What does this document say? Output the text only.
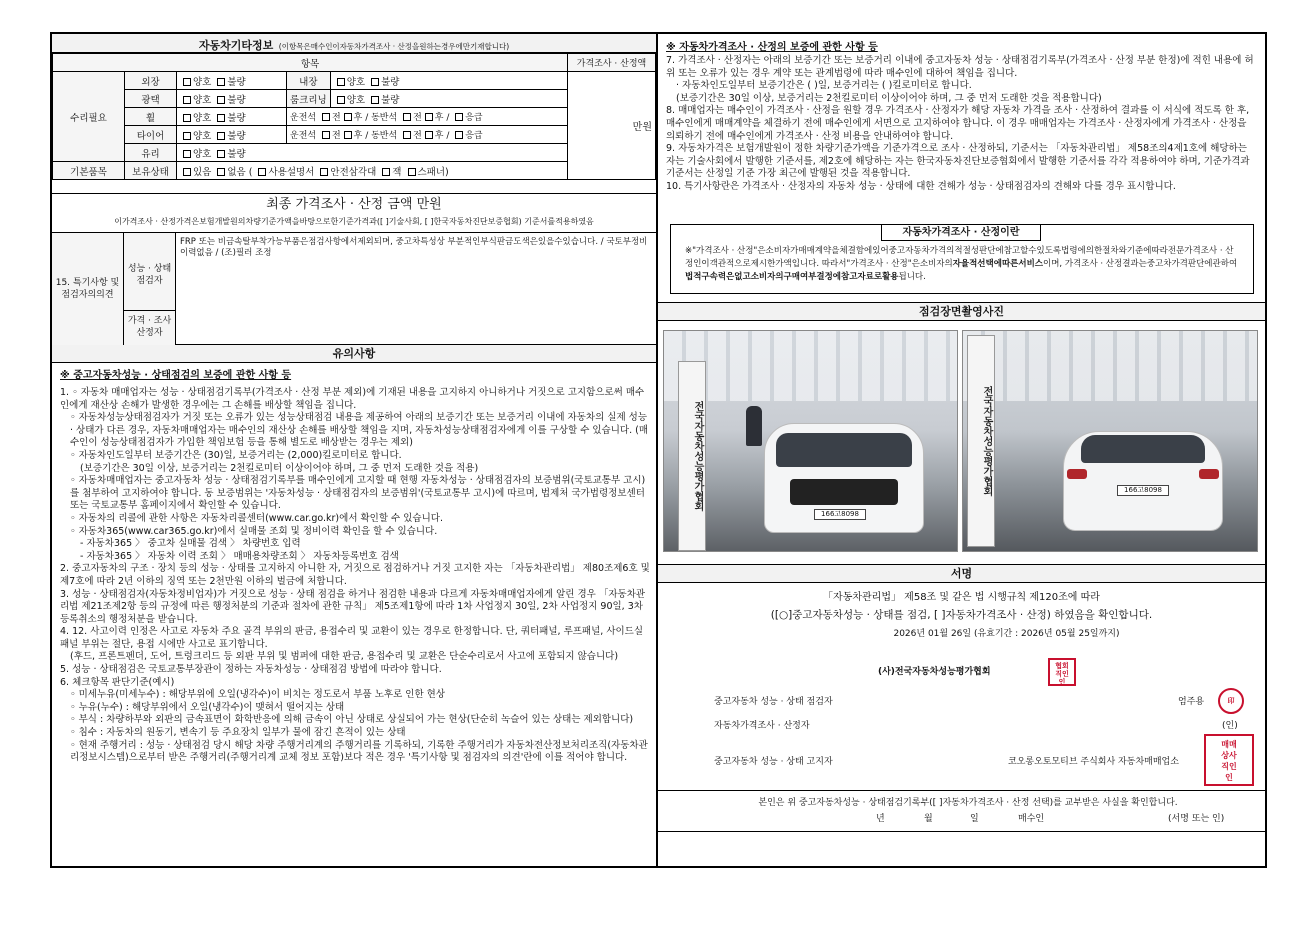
자동차기타정보 (이항목은매수인이자동차가격조사 · 산정을원하는경우에만기재합니다)
항목					가격조사 · 산정액
수리필요	외장	양호 불량	내장	양호 불량	만원
	광택	양호 불량	룸크리닝	양호 불량	
	휠	양호 불량	운전석 전 후 / 동반석 전 후 / 응급		
	타이어	양호 불량	운전석 전 후 / 동반석 전 후 / 응급		
	유리	양호 불량			
기본품목	보유상태	있음 없음 ( 사용설명서 안전삼각대 잭 스패너)			
최종 가격조사 · 산정 금액 만원
이가격조사 · 산정가격은보험개발원의차량기준가액을바탕으로한기준가격과([ ]기술사회, [ ]한국자동차진단보증협회) 기준서를적용하였음
15. 특기사항 및 점검자의의견
성능 · 상태 점검자
FRP 또는 비금속탈부착가능부품은점검사항에서제외되며, 중고차특성상 부분적인부식판금도색은있을수있습니다. / 국토부정비이력없음 / (조)필러 조정
가격 · 조사 산정자
유의사항

※ 중고자동차성능 · 상태점검의 보증에 관한 사항 등

1. ◦ 자동차 매매업자는 성능 · 상태점검기록부(가격조사 · 산정 부분 제외)에 기재된 내용을 고지하지 아니하거나 거짓으로 고지함으로써 매수인에게 재산상 손해가 발생한 경우에는 그 손해를 배상할 책임을 집니다.

◦ 자동차성능상태점검자가 거짓 또는 오류가 있는 성능상태점검 내용을 제공하여 아래의 보증기간 또는 보증거리 이내에 자동차의 실제 성능 · 상태가 다른 경우, 자동차매매업자는 매수인의 재산상 손해를 배상할 책임을 지며, 자동차성능상태점검자에게 이를 구상할 수 있습니다. (매수인이 성능상태점검자가 가입한 책임보험 등을 통해 별도로 배상받는 경우는 제외)

◦ 자동차인도일부터 보증기간은 (30)일, 보증거리는 (2,000)킬로미터로 합니다.

(보증기간은 30일 이상, 보증거리는 2천킬로미터 이상이어야 하며, 그 중 먼저 도래한 것을 적용)

◦ 자동차매매업자는 중고자동차 성능 · 상태점검기록부를 매수인에게 고지할 때 현행 자동차성능 · 상태점검자의 보증범위(국토교통부 고시)를 첨부하여 고지하여야 합니다. 동 보증범위는 '자동차성능 · 상태점검자의 보증범위'(국토교통부 고시)에 따르며, 법제처 국가법령정보센터 또는 국토교통부 홈페이지에서 확인할 수 있습니다.

◦ 자동차의 리콜에 관한 사항은 자동차리콜센터(www.car.go.kr)에서 확인할 수 있습니다.

◦ 자동차365(www.car365.go.kr)에서 실매물 조회 및 정비이력 확인을 할 수 있습니다.

- 자동차365 〉 중고차 실매물 검색 〉 차량번호 입력

- 자동차365 〉 자동차 이력 조회 〉 매매용차량조회 〉 자동차등록번호 검색

2. 중고자동차의 구조 · 장치 등의 성능 · 상태를 고지하지 아니한 자, 거짓으로 점검하거나 거짓 고지한 자는 「자동차관리법」 제80조제6호 및 제7호에 따라 2년 이하의 징역 또는 2천만원 이하의 벌금에 처합니다.

3. 성능 · 상태점검자(자동차정비업자)가 거짓으로 성능 · 상태 점검을 하거나 점검한 내용과 다르게 자동차매매업자에게 알린 경우 「자동차관리법 제21조제2항 등의 규정에 따른 행정처분의 기준과 절차에 관한 규칙」 제5조제1항에 따라 1차 사업정지 30일, 2차 사업정지 90일, 3차 등록취소의 행정처분을 받습니다.

4. 12. 사고이력 인정은 사고로 자동차 주요 골격 부위의 판금, 용접수리 및 교환이 있는 경우로 한정합니다. 단, 쿼터패널, 루프패널, 사이드실패널 부위는 절단, 용접 시에만 사고로 표기합니다.

(후드, 프론트펜더, 도어, 트렁크리드 등 외판 부위 및 범퍼에 대한 판금, 용접수리 및 교환은 단순수리로서 사고에 포함되지 않습니다)

5. 성능 · 상태점검은 국토교통부장관이 정하는 자동차성능 · 상태점검 방법에 따라야 합니다.

6. 체크항목 판단기준(예시)

◦ 미세누유(미세누수) : 해당부위에 오일(냉각수)이 비치는 정도로서 부품 노후로 인한 현상

◦ 누유(누수) : 해당부위에서 오일(냉각수)이 맺혀서 떨어지는 상태

◦ 부식 : 차량하부와 외판의 금속표면이 화학반응에 의해 금속이 아닌 상태로 상실되어 가는 현상(단순히 녹슬어 있는 상태는 제외합니다)

◦ 침수 : 자동차의 원동기, 변속기 등 주요장치 일부가 물에 잠긴 흔적이 있는 상태

◦ 현재 주행거리 : 성능 · 상태점검 당시 해당 차량 주행거리계의 주행거리를 기록하되, 기록한 주행거리가 자동차전산정보처리조직(자동차관리정보시스템)으로부터 받은 주행거리(주행거리계 교체 정보 포함)보다 적은 경우 '특기사항 및 점검자의 의견'란에 이를 적어야 합니다.

※ 자동차가격조사 · 산정의 보증에 관한 사항 등

7. 가격조사 · 산정자는 아래의 보증기간 또는 보증거리 이내에 중고자동차 성능 · 상태점검기록부(가격조사 · 산정 부분 한정)에 적힌 내용에 허위 또는 오류가 있는 경우 계약 또는 관계법령에 따라 매수인에 대하여 책임을 집니다.

· 자동차인도일부터 보증기간은 ( )일, 보증거리는 ( )킬로미터로 합니다.

(보증기간은 30일 이상, 보증거리는 2천킬로미터 이상이어야 하며, 그 중 먼저 도래한 것을 적용합니다)

8. 매매업자는 매수인이 가격조사 · 산정을 원할 경우 가격조사 · 산정자가 해당 자동차 가격을 조사 · 산정하여 결과를 이 서식에 적도록 한 후, 매수인에게 매매계약을 체결하기 전에 매수인에게 서면으로 고지하여야 합니다. 이 경우 매매업자는 가격조사 · 산정자에게 가격조사 · 산정을 의뢰하기 전에 매수인에게 가격조사 · 산정 비용을 안내하여야 합니다.

9. 자동차가격은 보험개발원이 정한 차량기준가액을 기준가격으로 조사 · 산정하되, 기준서는 「자동차관리법」 제58조의4제1호에 해당하는 자는 기술사회에서 발행한 기준서를, 제2호에 해당하는 자는 한국자동차진단보증협회에서 발행한 기준서를 각각 적용하여야 하며, 기준가격과 기준서는 산정일 기준 가장 최근에 발행된 것을 적용합니다.

10. 특기사항란은 가격조사 · 산정자의 자동차 성능 · 상태에 대한 견해가 성능 · 상태점검자의 견해와 다를 경우 표시합니다.

자동차가격조사 · 산정이란
※"가격조사 · 산정"은소비자가매매계약을체결함에있어중고자동차가격의적절성판단에참고할수있도록법령에의한절차와기준에따라전문가격조사 · 산정인이객관적으로제시한가액입니다. 따라서"가격조사 · 산정"은소비자의자율적선택에따른서비스이며, 가격조사 · 산정결과는중고차가격판단에관하여법적구속력은없고소비자의구매여부결정에참고자료로활용됩니다.
점검장면촬영사진
전국자동차성능평가협회
166고8098
전국자동차성능평가협회	166고8098
서명
「자동차관리법」 제58조 및 같은 법 시행규칙 제120조에 따라
([○]중고자동차성능 · 상태를 점검, [ ]자동차가격조사 · 산정) 하였음을 확인합니다.
2026년 01월 26일 (유효기간 : 2026년 05월 25일까지)
(사)전국자동차성능평가협회
협회
직인
인
중고자동차 성능 · 상태 점검자	엄주용	印
자동차가격조사 · 산정자	(인)
중고자동차 성능 · 상태 고지자	코오롱오토모티브 주식회사 자동차매매업소
매매
상사
직인
인
본인은 위 중고자동차성능 · 상태점검기록부([ ]자동차가격조사 · 산정 선택)를 교부받은 사실을 확인합니다.
년	월	일	매수인	(서명 또는 인)
